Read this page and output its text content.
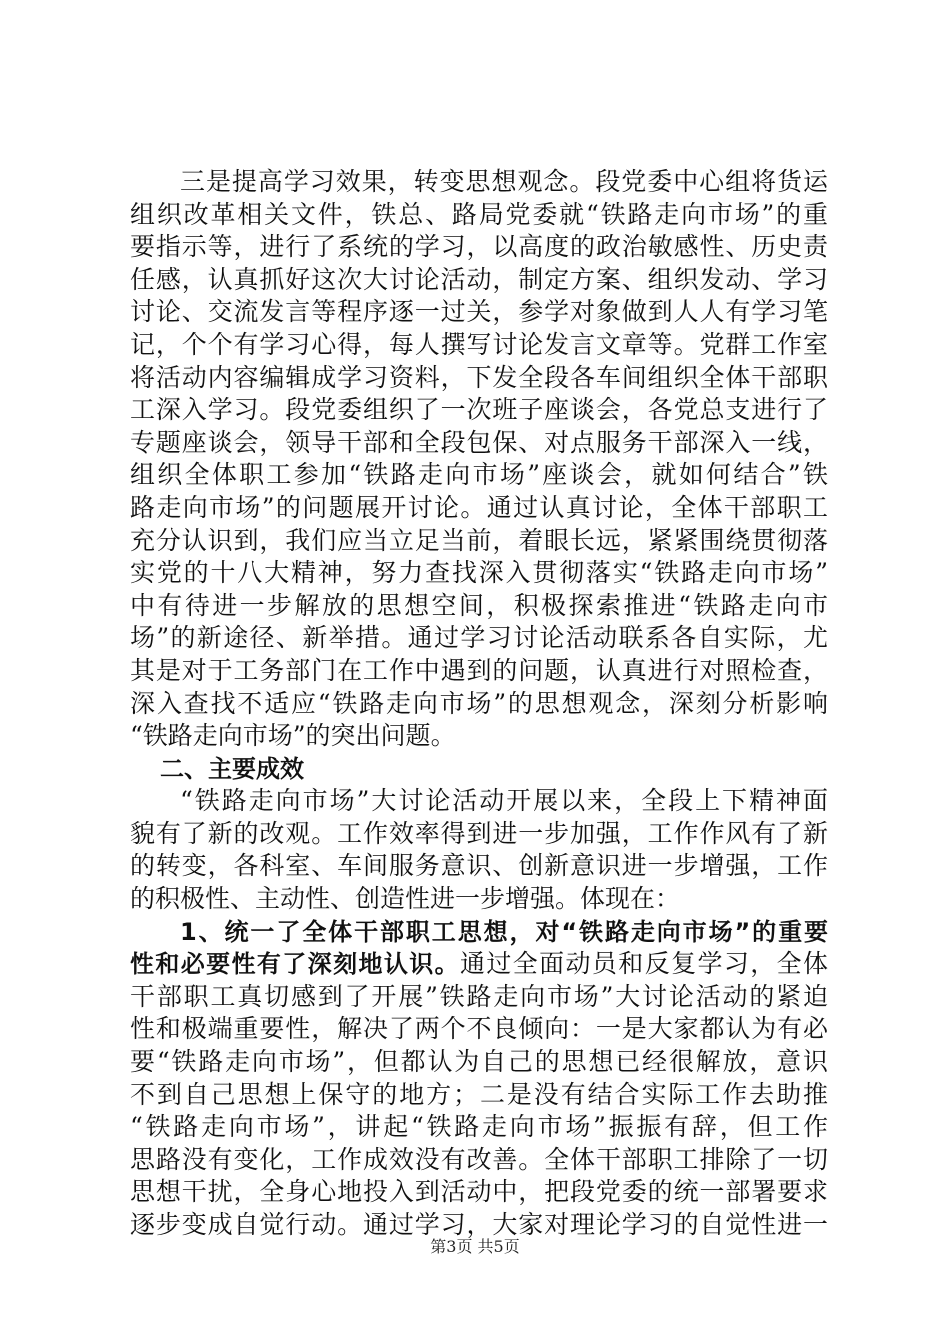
三是提高学习效果，转变思想观念。段党委中心组将货运
组织改革相关文件，铁总、路局党委就“铁路走向市场”的重
要指示等，进行了系统的学习，以高度的政治敏感性、历史责
任感，认真抓好这次大讨论活动，制定方案、组织发动、学习
讨论、交流发言等程序逐一过关，参学对象做到人人有学习笔
记，个个有学习心得，每人撰写讨论发言文章等。党群工作室
将活动内容编辑成学习资料，下发全段各车间组织全体干部职
工深入学习。段党委组织了一次班子座谈会，各党总支进行了
专题座谈会，领导干部和全段包保、对点服务干部深入一线，
组织全体职工参加“铁路走向市场”座谈会，就如何结合”铁
路走向市场”的问题展开讨论。通过认真讨论，全体干部职工
充分认识到，我们应当立足当前，着眼长远，紧紧围绕贯彻落
实党的十八大精神，努力查找深入贯彻落实“铁路走向市场”
中有待进一步解放的思想空间，积极探索推进“铁路走向市
场”的新途径、新举措。通过学习讨论活动联系各自实际，尤
其是对于工务部门在工作中遇到的问题，认真进行对照检查，
深入查找不适应“铁路走向市场”的思想观念，深刻分析影响
“铁路走向市场”的突出问题。
二、主要成效
“铁路走向市场”大讨论活动开展以来，全段上下精神面
貌有了新的改观。工作效率得到进一步加强，工作作风有了新
的转变，各科室、车间服务意识、创新意识进一步增强，工作
的积极性、主动性、创造性进一步增强。体现在：
1、统一了全体干部职工思想，对“铁路走向市场”的重要
性和必要性有了深刻地认识。通过全面动员和反复学习，全体
干部职工真切感到了开展”铁路走向市场”大讨论活动的紧迫
性和极端重要性，解决了两个不良倾向：一是大家都认为有必
要“铁路走向市场”，但都认为自己的思想已经很解放，意识
不到自己思想上保守的地方；二是没有结合实际工作去助推
“铁路走向市场”，讲起“铁路走向市场”振振有辞，但工作
思路没有变化，工作成效没有改善。全体干部职工排除了一切
思想干扰，全身心地投入到活动中，把段党委的统一部署要求
逐步变成自觉行动。通过学习，大家对理论学习的自觉性进一
第3页 共5页
